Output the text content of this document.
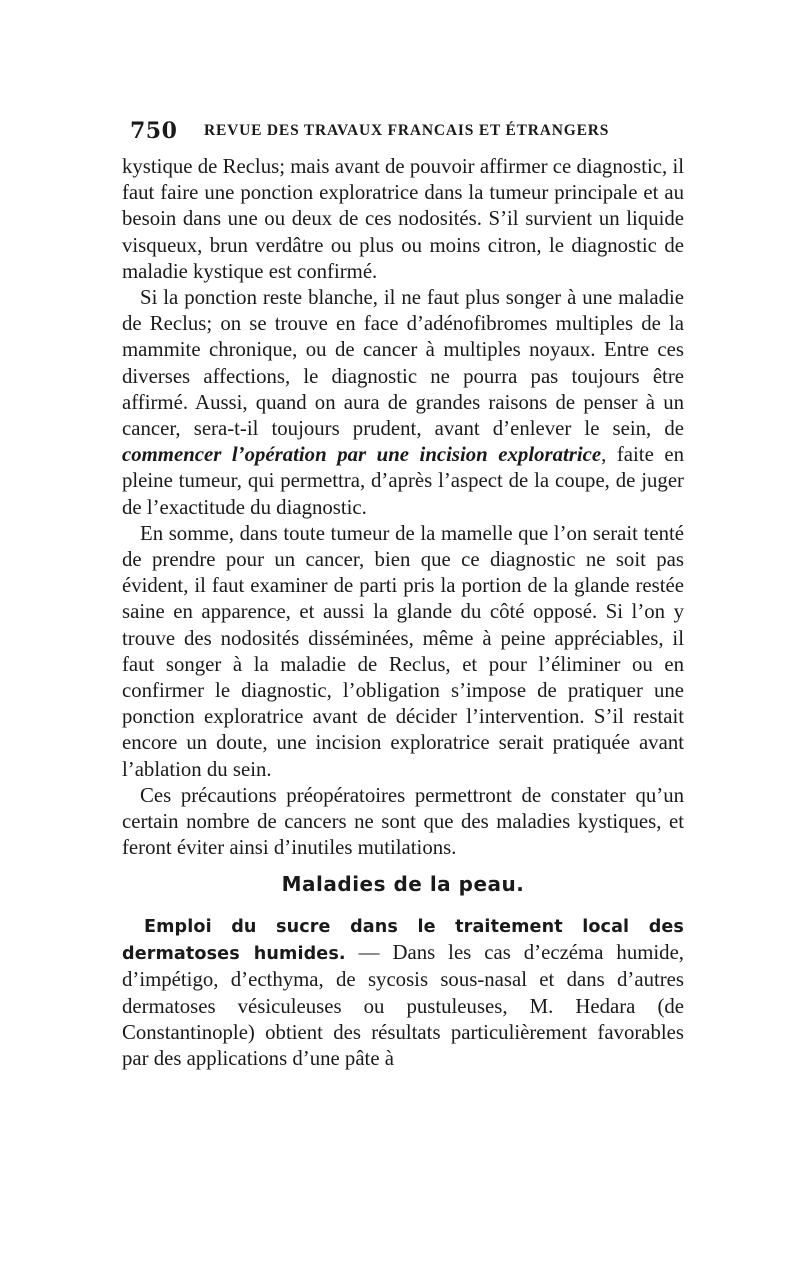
750 REVUE DES TRAVAUX FRANCAIS ET ÉTRANGERS

kystique de Reclus; mais avant de pouvoir affirmer ce diagnostic, il faut faire une ponction exploratrice dans la tumeur principale et au besoin dans une ou deux de ces nodosités. S’il survient un liquide visqueux, brun verdâtre ou plus ou moins citron, le diagnostic de maladie kystique est confirmé.

Si la ponction reste blanche, il ne faut plus songer à une maladie de Reclus; on se trouve en face d’adénofibromes multiples de la mammite chronique, ou de cancer à multiples noyaux. Entre ces diverses affections, le diagnostic ne pourra pas toujours être affirmé. Aussi, quand on aura de grandes raisons de penser à un cancer, sera-t-il toujours prudent, avant d’enlever le sein, de commencer l’opération par une incision exploratrice, faite en pleine tumeur, qui permettra, d’après l’aspect de la coupe, de juger de l’exactitude du diagnostic.

En somme, dans toute tumeur de la mamelle que l’on serait tenté de prendre pour un cancer, bien que ce diagnostic ne soit pas évident, il faut examiner de parti pris la portion de la glande restée saine en apparence, et aussi la glande du côté opposé. Si l’on y trouve des nodosités disséminées, même à peine appréciables, il faut songer à la maladie de Reclus, et pour l’éliminer ou en confirmer le diagnostic, l’obligation s’impose de pratiquer une ponction exploratrice avant de décider l’intervention. S’il restait encore un doute, une incision exploratrice serait pratiquée avant l’ablation du sein.

Ces précautions préopératoires permettront de constater qu’un certain nombre de cancers ne sont que des maladies kystiques, et feront éviter ainsi d’inutiles mutilations.

Maladies de la peau.

Emploi du sucre dans le traitement local des dermatoses humides. — Dans les cas d’eczéma humide, d’impétigo, d’ecthyma, de sycosis sous-nasal et dans d’autres dermatoses vésiculeuses ou pustuleuses, M. Hedara (de Constantinople) obtient des résultats particulièrement favorables par des applications d’une pâte à
